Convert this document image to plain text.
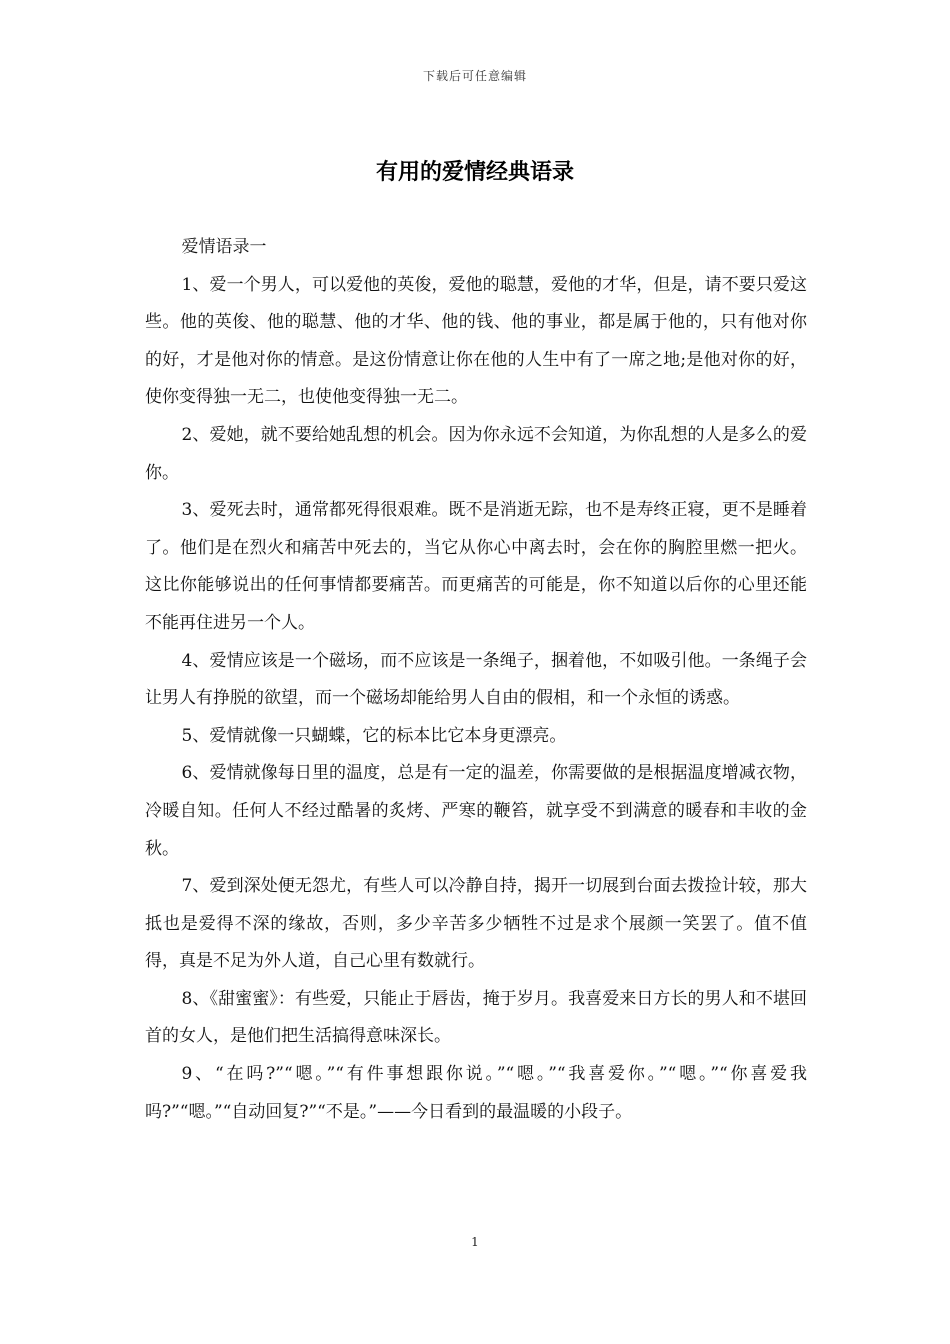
下载后可任意编辑
有用的爱情经典语录

爱情语录一

1、爱一个男人，可以爱他的英俊，爱他的聪慧，爱他的才华，但是，请不要只爱这些。他的英俊、他的聪慧、他的才华、他的钱、他的事业，都是属于他的，只有他对你的好，才是他对你的情意。是这份情意让你在他的人生中有了一席之地;是他对你的好，使你变得独一无二，也使他变得独一无二。

2、爱她，就不要给她乱想的机会。因为你永远不会知道，为你乱想的人是多么的爱你。

3、爱死去时，通常都死得很艰难。既不是消逝无踪，也不是寿终正寝，更不是睡着了。他们是在烈火和痛苦中死去的，当它从你心中离去时，会在你的胸腔里燃一把火。这比你能够说出的任何事情都要痛苦。而更痛苦的可能是，你不知道以后你的心里还能不能再住进另一个人。

4、爱情应该是一个磁场，而不应该是一条绳子，捆着他，不如吸引他。一条绳子会让男人有挣脱的欲望，而一个磁场却能给男人自由的假相，和一个永恒的诱惑。

5、爱情就像一只蝴蝶，它的标本比它本身更漂亮。

6、爱情就像每日里的温度，总是有一定的温差，你需要做的是根据温度增减衣物，冷暖自知。任何人不经过酷暑的炙烤、严寒的鞭笞，就享受不到满意的暖春和丰收的金秋。

7、爱到深处便无怨尤，有些人可以冷静自持，揭开一切展到台面去拨捡计较，那大抵也是爱得不深的缘故，否则，多少辛苦多少牺牲不过是求个展颜一笑罢了。值不值得，真是不足为外人道，自己心里有数就行。

8、《甜蜜蜜》：有些爱，只能止于唇齿，掩于岁月。我喜爱来日方长的男人和不堪回首的女人，是他们把生活搞得意味深长。

9、“在吗?”“嗯。”“有件事想跟你说。”“嗯。”“我喜爱你。”“嗯。”“你喜爱我吗?”“嗯。”“自动回复?”“不是。”——今日看到的最温暖的小段子。

1
